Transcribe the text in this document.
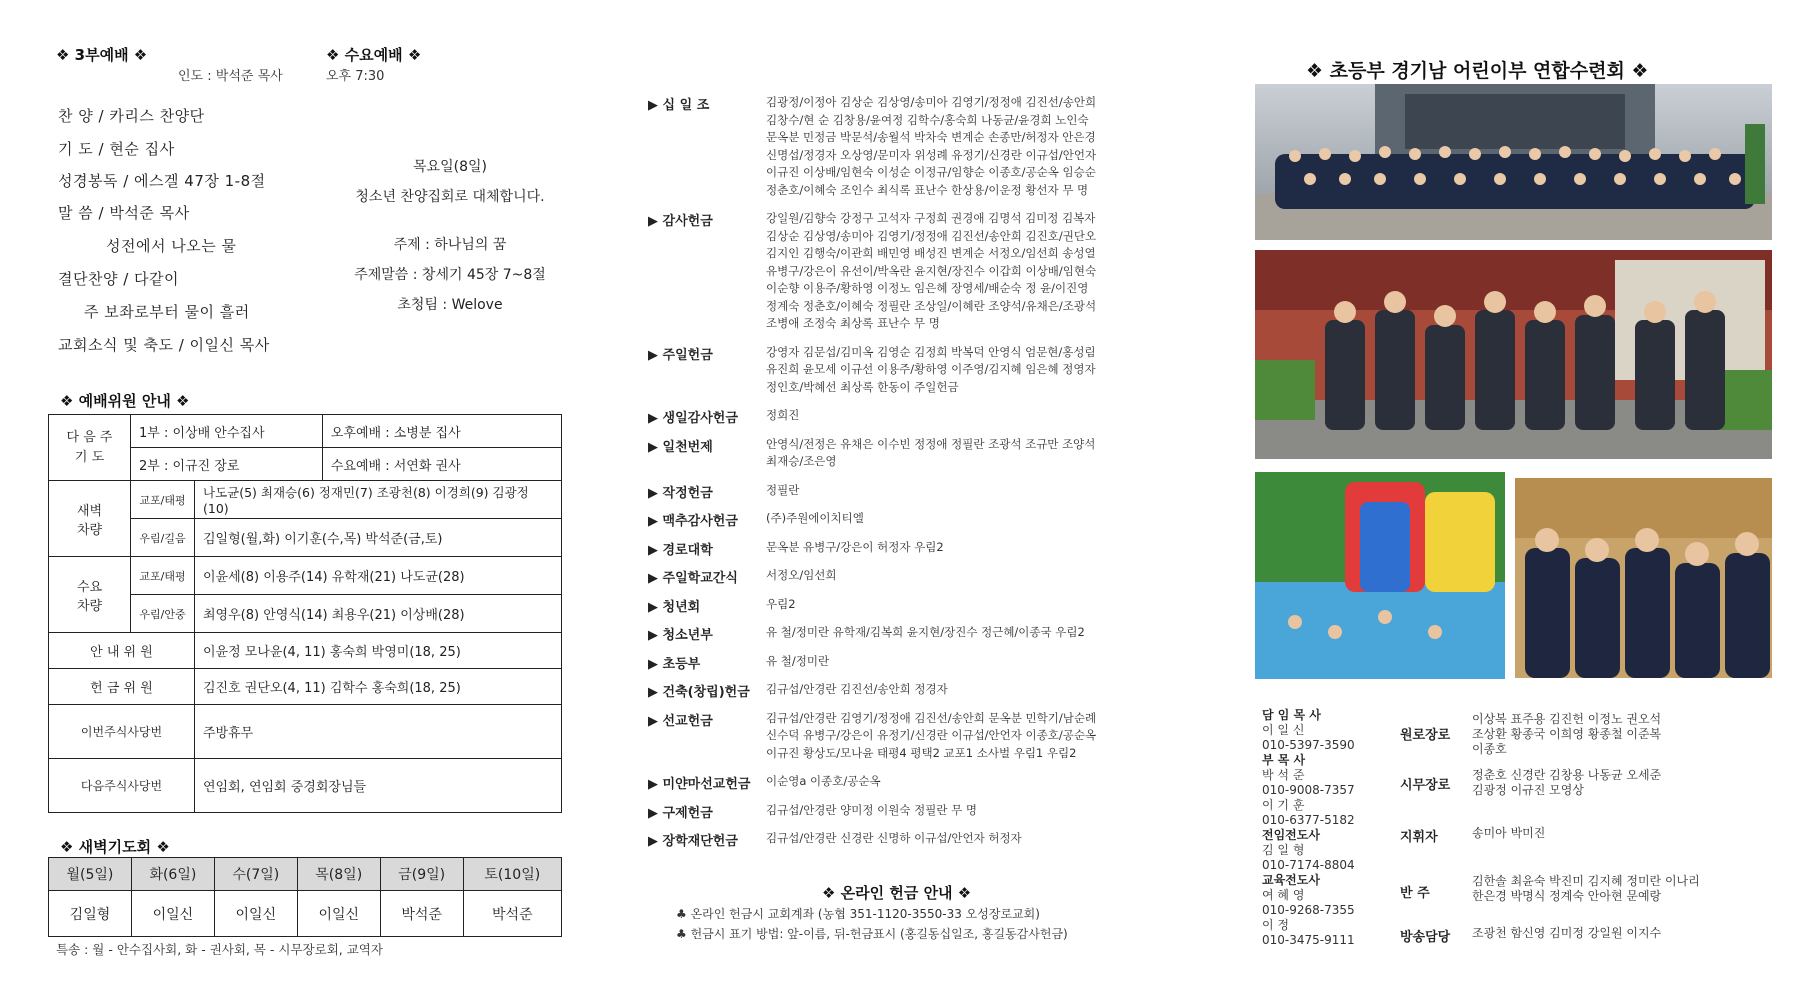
❖ 3부예배 ❖
인도 : 박석준 목사
❖ 수요예배 ❖
오후 7:30
찬 양 / 카리스 찬양단
기 도 / 현순 집사
성경봉독 / 에스겔 47장 1-8절
말 씀 / 박석준 목사
성전에서 나오는 물
결단찬양 / 다같이
주 보좌로부터 물이 흘러
교회소식 및 축도 / 이일신 목사
목요일(8일)
청소년 찬양집회로 대체합니다.
주제 : 하나님의 꿈
주제말씀 : 창세기 45장 7~8절
초청팀 : Welove
❖ 예배위원 안내 ❖
다 음 주
기 도	1부 : 이상배 안수집사		오후예배 : 소병분 집사
	2부 : 이규진 장로		수요예배 : 서연화 권사
새벽
차량	교포/태평	나도균(5) 최재승(6) 정재민(7) 조광천(8) 이경희(9) 김광정(10)	
	우림/길음	김일형(월,화) 이기훈(수,목) 박석준(금,토)	
수요
차량	교포/태평	이윤세(8) 이용주(14) 유학재(21) 나도균(28)	
	우림/안중	최영우(8) 안영식(14) 최용우(21) 이상배(28)	
안 내 위 원		이윤정 모나윤(4, 11) 홍숙희 박영미(18, 25)	
헌 금 위 원		김진호 권단오(4, 11) 김학수 홍숙희(18, 25)	
이번주식사당번		주방휴무	
다음주식사당번		연임회, 연임회 중경회장님들	
❖ 새벽기도회 ❖
월(5일)	화(6일)	수(7일)	목(8일)	금(9일)	토(10일)
김일형	이일신	이일신	이일신	박석준	박석준
특송 : 월 - 안수집사회, 화 - 권사회, 목 - 시무장로회, 교역자
▶ 십 일 조	김광정/이정아 김상순 김상영/송미아 김영기/정정애 김진선/송안희
김창수/현 순 김창용/윤여정 김학수/홍숙희 나동균/윤경희 노인숙
문옥분 민정금 박문석/송월석 박차숙 변계순 손종만/허정자 안은경
신명섭/정경자 오상영/문미자 위성례 유정기/신경란 이규섭/안언자
이규진 이상배/임현숙 이성순 이정규/임향순 이종호/공순옥 임승순
정춘호/이혜숙 조인수 최식록 표난수 한상용/이운정 황선자 무 명
▶ 감사헌금	강일원/김향숙 강정구 고석자 구정희 권경애 김명석 김미정 김복자
김상순 김상영/송미아 김영기/정정애 김진선/송안희 김진호/권단오
김지인 김행숙/이관희 배민영 배성진 변계순 서정오/임선희 송성열
유병구/강은이 유선이/박옥란 윤지현/장진수 이갑희 이상배/임현숙
이순향 이용주/황하영 이정노 임은혜 장영세/배순숙 정 윤/이진영
정계숙 정춘호/이혜숙 정필란 조상일/이혜란 조양석/유채은/조광석
조병애 조정숙 최상록 표난수 무 명
▶ 주일헌금	강영자 김문섭/김미옥 김영순 김정희 박복덕 안영식 엄문현/홍성림
유진희 윤모세 이규선 이용주/황하영 이주영/김지혜 임은혜 정영자
정인호/박혜선 최상록 한동이 주일헌금
▶ 생일감사헌금 정희진
▶ 일천번제	안영식/전정은 유채은 이수빈 정정애 정필란 조광석 조규만 조양석
최재승/조은영
▶ 작정헌금	정필란
▶ 맥추감사헌금 (주)주원에이치티엘
▶ 경로대학	문옥분 유병구/강은이 허정자 우림2
▶ 주일학교간식 서정오/임선희
▶ 청년회	우림2
▶ 청소년부	유 철/정미란 유학재/김복희 윤지현/장진수 정근혜/이종국 우림2
▶ 초등부	유 철/정미란
▶ 건축(창립)헌금 김규섭/안경란 김진선/송안희 정경자
▶ 선교헌금	김규섭/안경란 김영기/정정애 김진선/송안희 문옥분 민학기/남순례
신수덕 유병구/강은이 유정기/신경란 이규섭/안언자 이종호/공순옥
이규진 황상도/모나윤 태평4 평택2 교포1 소사벌 우림1 우림2
▶ 미얀마선교헌금 이순영a 이종호/공순옥
▶ 구제헌금	김규섭/안경란 양미정 이원숙 정필란 무 명
▶ 장학재단헌금 김규섭/안경란 신경란 신명하 이규섭/안언자 허정자
❖ 온라인 헌금 안내 ❖
♣ 온라인 헌금시 교회계좌 (농협 351-1120-3550-33 오성장로교회)
♣ 헌금시 표기 방법: 앞-이름, 뒤-헌금표시 (홍길동십일조, 홍길동감사헌금)
❖ 초등부 경기남 어린이부 연합수련회 ❖
담 임 목 사
이 일 신
010-5397-3590
부 목 사
박 석 준
010-9008-7357
이 기 훈
010-6377-5182
전임전도사
김 일 형
010-7174-8804
교육전도사
여 혜 영
010-9268-7355
이 정
010-3475-9111
원로장로
이상복 표주용 김진헌 이정노 권오석
조상환 황종국 이희영 황종철 이준복
이종호
시무장로
정춘호 신경란 김창용 나동균 오세준
김광정 이규진 모영상
지휘자	송미아 박미진
반 주
김한솔 최윤숙 박진미 김지혜 정미란 이나리
한은경 박명식 정계숙 안아현 문예랑
방송담당 조광천 함신영 김미정 강일원 이지수
